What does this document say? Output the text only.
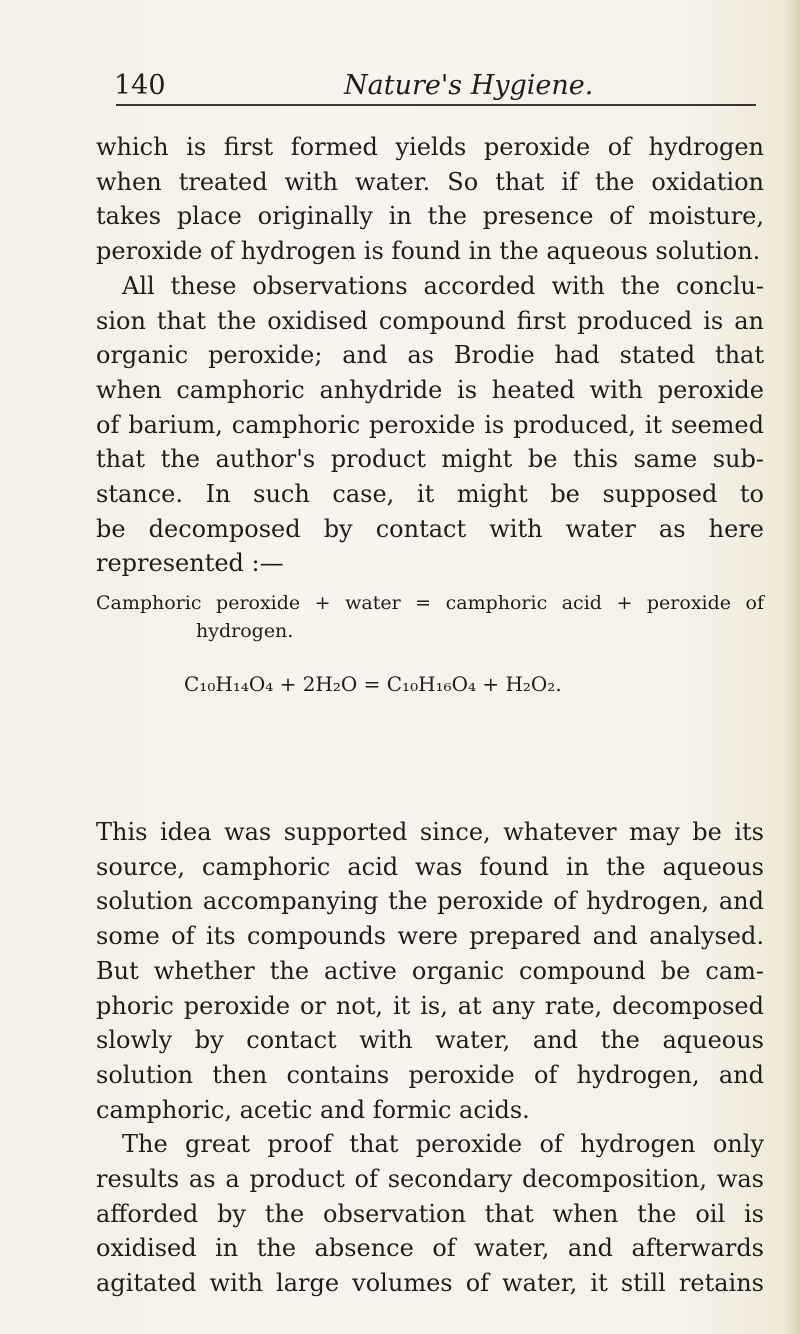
140	Nature's Hygiene.
which is first formed yields peroxide of hydrogen
when treated with water. So that if the oxidation
takes place originally in the presence of moisture,
peroxide of hydrogen is found in the aqueous solution.
All these observations accorded with the conclu-
sion that the oxidised compound first produced is an
organic peroxide; and as Brodie had stated that
when camphoric anhydride is heated with peroxide
of barium, camphoric peroxide is produced, it seemed
that the author's product might be this same sub-
stance. In such case, it might be supposed to
be decomposed by contact with water as here
represented :—
Camphoric peroxide + water = camphoric acid + peroxide of
hydrogen.
C₁₀H₁₄O₄ + 2H₂O = C₁₀H₁₆O₄ + H₂O₂.
This idea was supported since, whatever may be its
source, camphoric acid was found in the aqueous
solution accompanying the peroxide of hydrogen, and
some of its compounds were prepared and analysed.
But whether the active organic compound be cam-
phoric peroxide or not, it is, at any rate, decomposed
slowly by contact with water, and the aqueous
solution then contains peroxide of hydrogen, and
camphoric, acetic and formic acids.
The great proof that peroxide of hydrogen only
results as a product of secondary decomposition, was
afforded by the observation that when the oil is
oxidised in the absence of water, and afterwards
agitated with large volumes of water, it still retains
